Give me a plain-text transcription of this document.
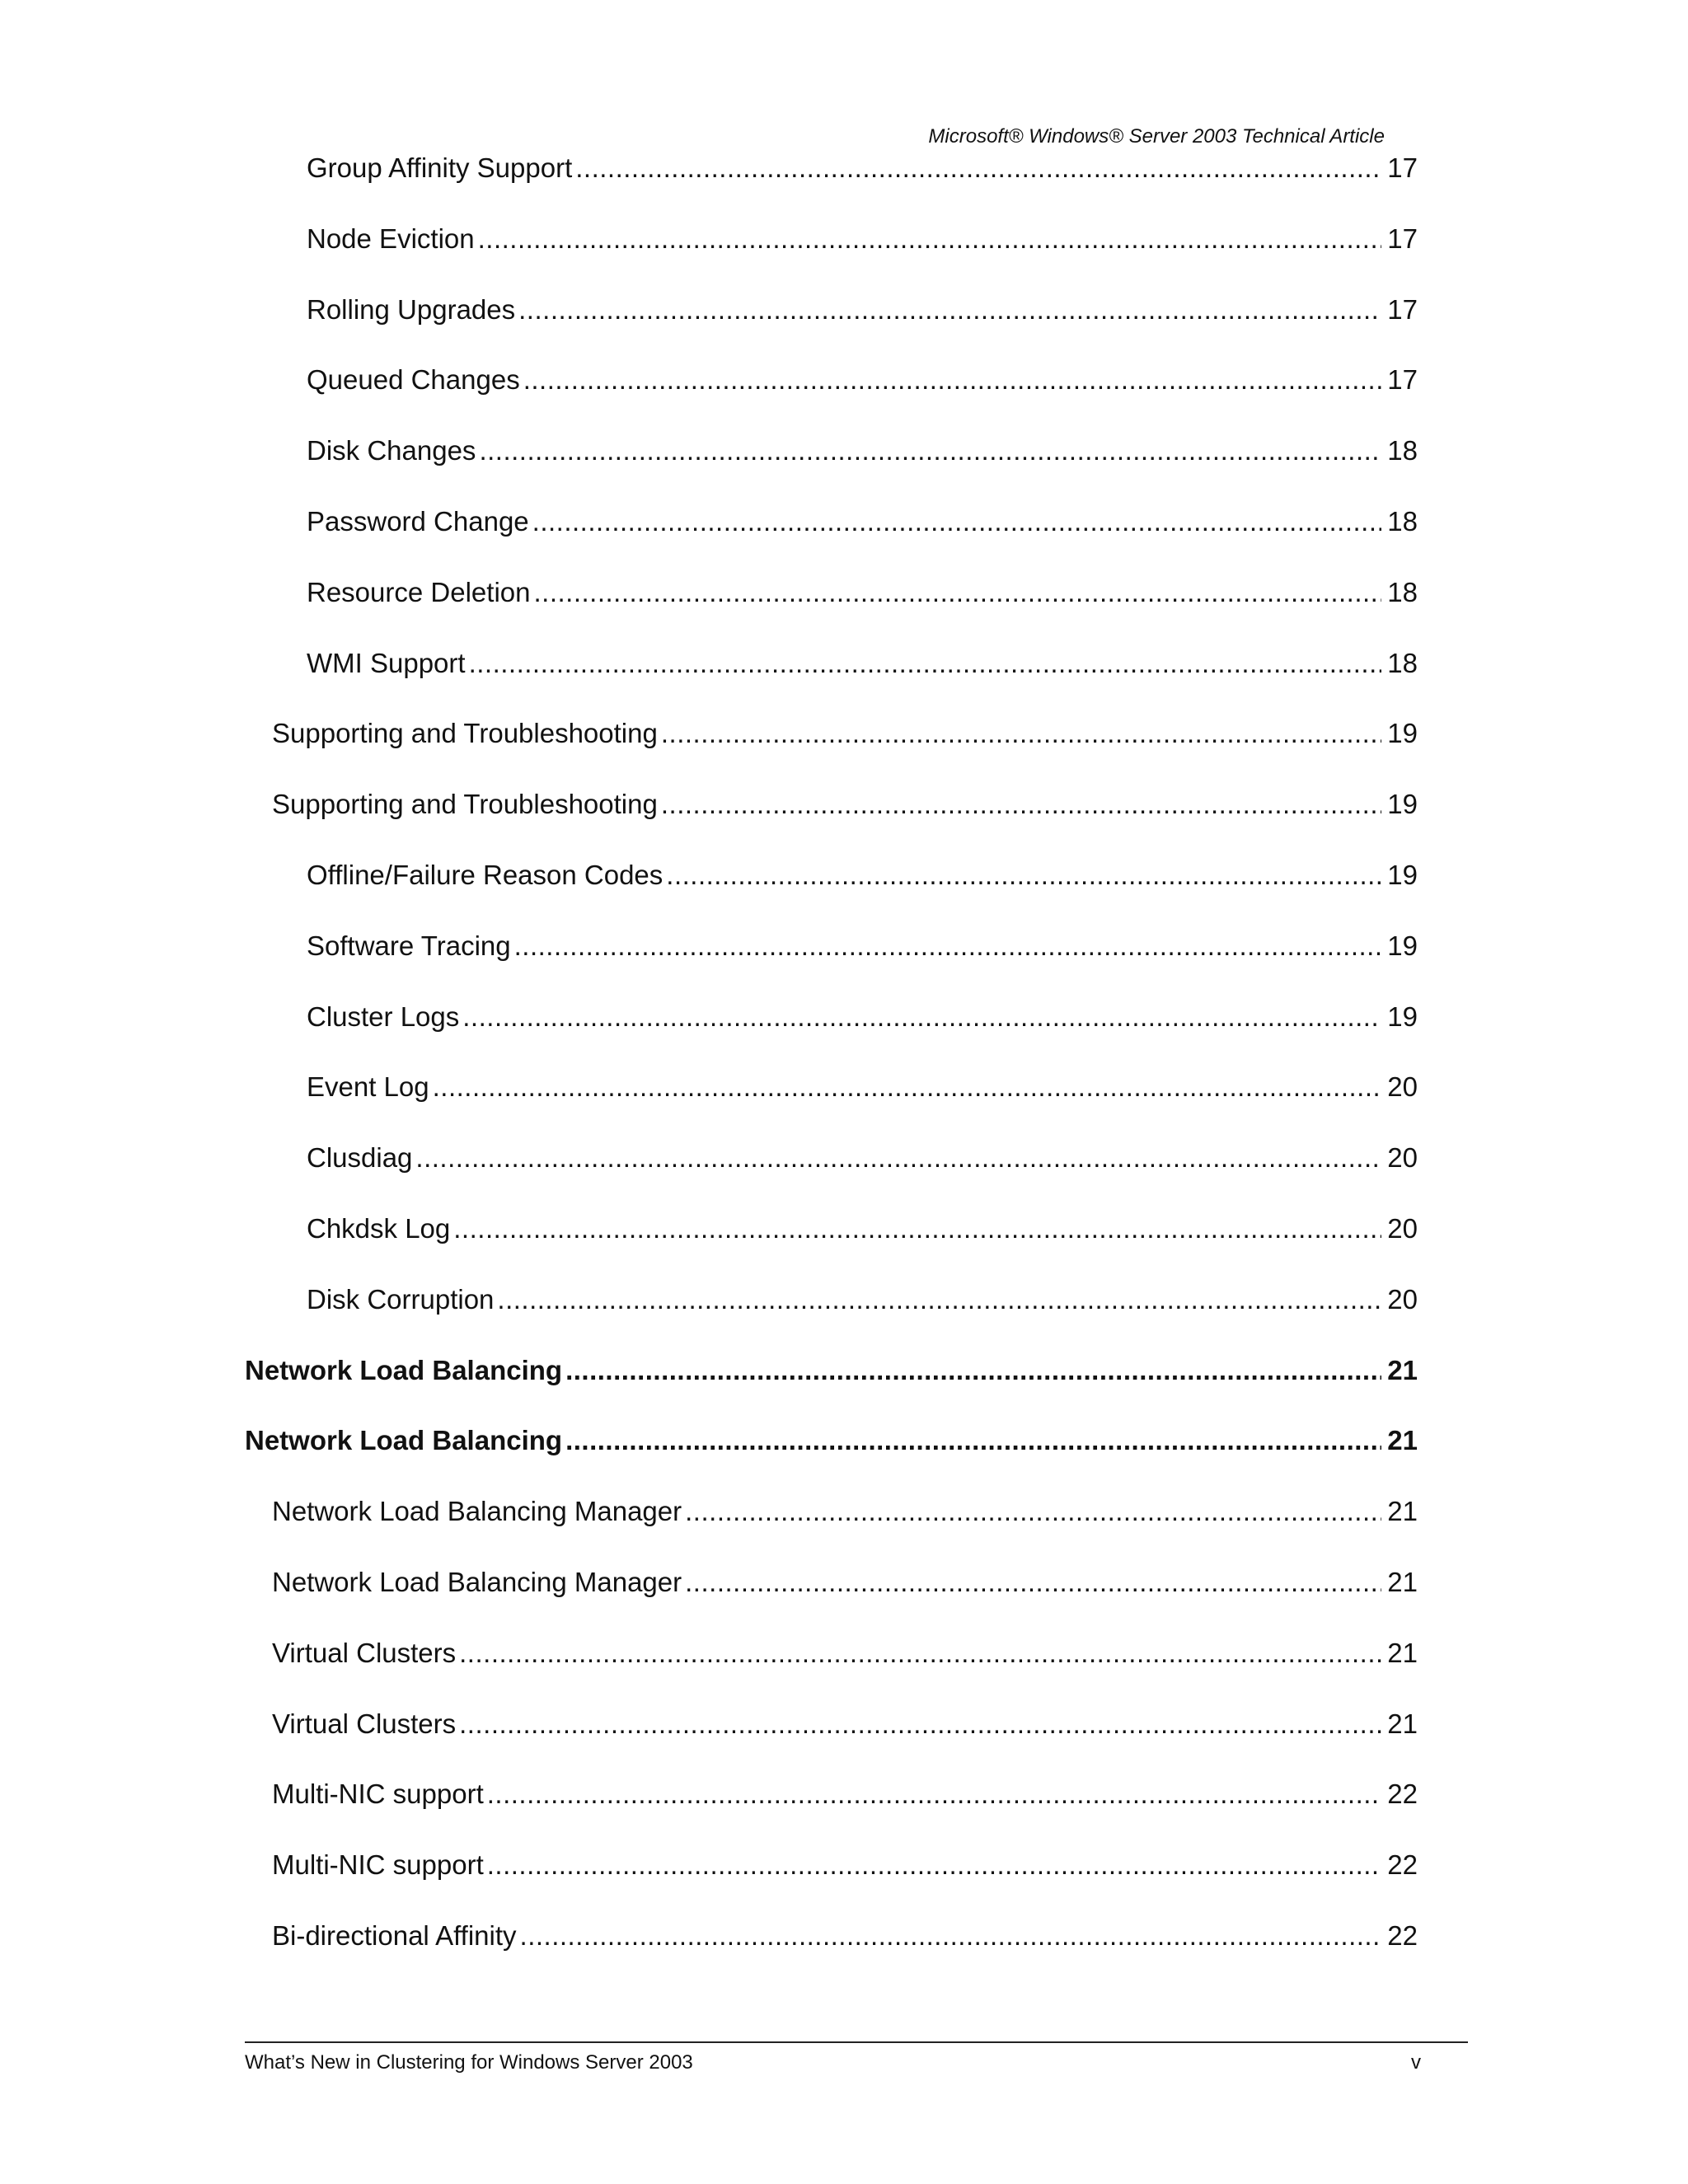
Microsoft® Windows® Server 2003 Technical Article
Group Affinity Support .....	17
Node Eviction .....	17
Rolling Upgrades .....	17
Queued Changes .....	17
Disk Changes .....	18
Password Change .....	18
Resource Deletion .....	18
WMI Support .....	18
Supporting and Troubleshooting .....	19
Supporting and Troubleshooting .....	19
Offline/Failure Reason Codes .....	19
Software Tracing .....	19
Cluster Logs .....	19
Event Log .....	20
Clusdiag .....	20
Chkdsk Log .....	20
Disk Corruption .....	20
Network Load Balancing .....	21
Network Load Balancing .....	21
Network Load Balancing Manager .....	21
Network Load Balancing Manager .....	21
Virtual Clusters .....	21
Virtual Clusters .....	21
Multi-NIC support .....	22
Multi-NIC support .....	22
Bi-directional Affinity .....	22
What’s New in Clustering for Windows Server 2003	v
